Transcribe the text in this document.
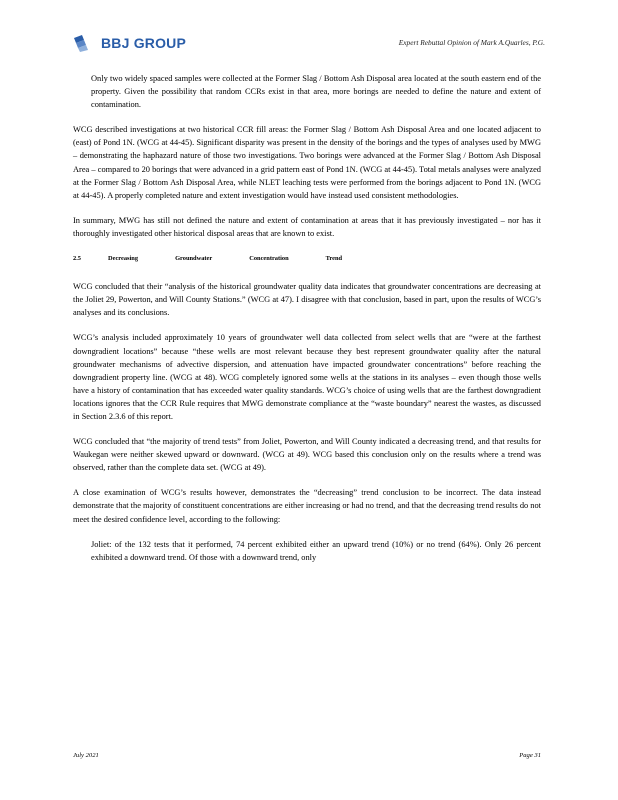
BBJ GROUP	Expert Rebuttal Opinion of Mark A.Quarles, P.G.
Only two widely spaced samples were collected at the Former Slag / Bottom Ash Disposal area located at the south eastern end of the property. Given the possibility that random CCRs exist in that area, more borings are needed to define the nature and extent of contamination.

WCG described investigations at two historical CCR fill areas: the Former Slag / Bottom Ash Disposal Area and one located adjacent to (east) of Pond 1N. (WCG at 44-45). Significant disparity was present in the density of the borings and the types of analyses used by MWG – demonstrating the haphazard nature of those two investigations. Two borings were advanced at the Former Slag / Bottom Ash Disposal Area – compared to 20 borings that were advanced in a grid pattern east of Pond 1N. (WCG at 44-45). Total metals analyses were analyzed at the Former Slag / Bottom Ash Disposal Area, while NLET leaching tests were performed from the borings adjacent to Pond 1N. (WCG at 44-45). A properly completed nature and extent investigation would have instead used consistent methodologies.

In summary, MWG has still not defined the nature and extent of contamination at areas that it has previously investigated – nor has it thoroughly investigated other historical disposal areas that are known to exist.

2.5	Decreasing	Groundwater	Concentration	Trend

WCG concluded that their “analysis of the historical groundwater quality data indicates that groundwater concentrations are decreasing at the Joliet 29, Powerton, and Will County Stations.” (WCG at 47). I disagree with that conclusion, based in part, upon the results of WCG’s analyses and its conclusions.

WCG’s analysis included approximately 10 years of groundwater well data collected from select wells that are “were at the farthest downgradient locations” because “these wells are most relevant because they best represent groundwater quality after the natural groundwater mechanisms of advective dispersion, and attenuation have impacted groundwater concentrations” before reaching the downgradient property line. (WCG at 48). WCG completely ignored some wells at the stations in its analyses – even though those wells have a history of contamination that has exceeded water quality standards. WCG’s choice of using wells that are the farthest downgradient locations ignores that the CCR Rule requires that MWG demonstrate compliance at the “waste boundary” nearest the wastes, as discussed in Section 2.3.6 of this report.

WCG concluded that “the majority of trend tests” from Joliet, Powerton, and Will County indicated a decreasing trend, and that results for Waukegan were neither skewed upward or downward. (WCG at 49). WCG based this conclusion only on the results where a trend was observed, rather than the complete data set. (WCG at 49).

A close examination of WCG’s results however, demonstrates the “decreasing” trend conclusion to be incorrect. The data instead demonstrate that the majority of constituent concentrations are either increasing or had no trend, and that the decreasing trend results do not meet the desired confidence level, according to the following:

Joliet: of the 132 tests that it performed, 74 percent exhibited either an upward trend (10%) or no trend (64%). Only 26 percent exhibited a downward trend. Of those with a downward trend, only
July 2021	Page 31
